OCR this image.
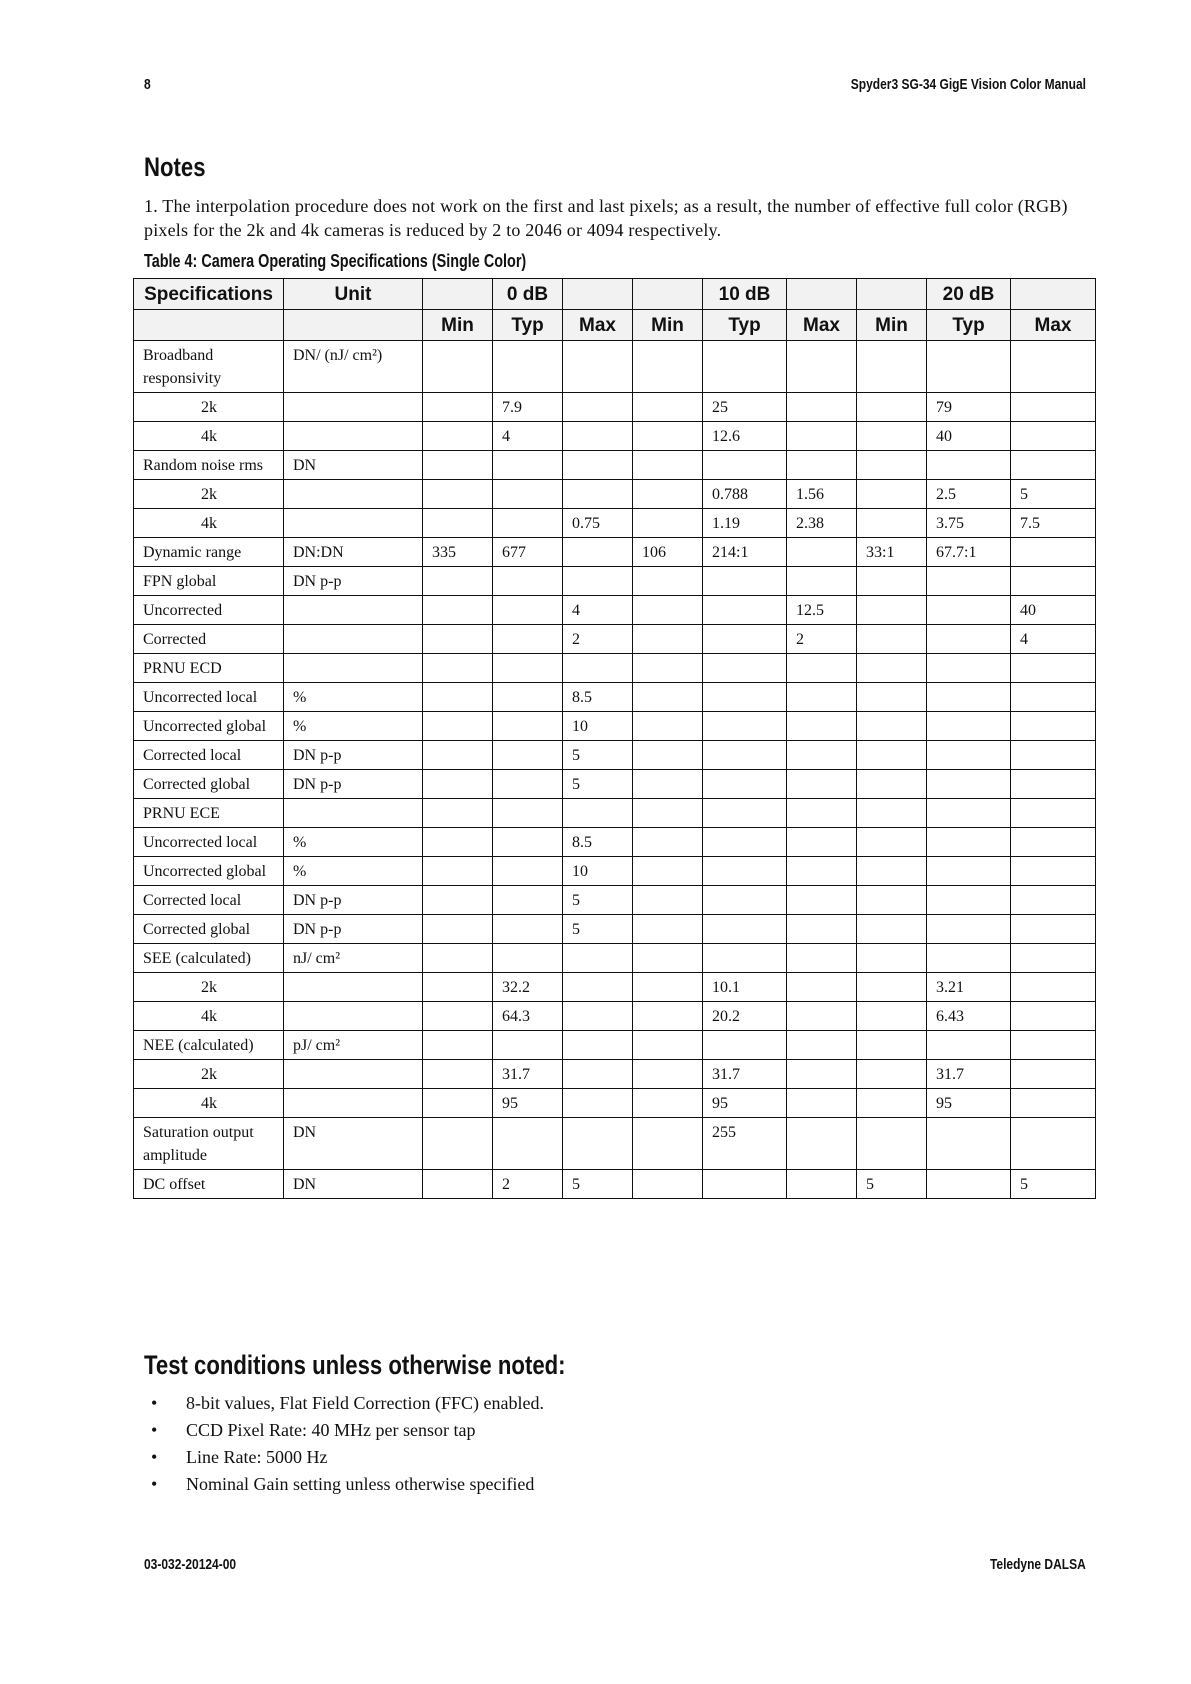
8	Spyder3 SG-34 GigE Vision Color Manual
Notes
1. The interpolation procedure does not work on the first and last pixels; as a result, the number of effective full color (RGB) pixels for the 2k and 4k cameras is reduced by 2 to 2046 or 4094 respectively.
Table 4: Camera Operating Specifications (Single Color)
Specifications	Unit		0 dB			10 dB			20 dB	
		Min	Typ	Max	Min	Typ	Max	Min	Typ	Max
Broadband responsivity	DN/ (nJ/ cm²)									
2k			7.9			25			79	
4k			4			12.6			40	
Random noise rms	DN									
2k						0.788	1.56		2.5	5
4k				0.75		1.19	2.38		3.75	7.5
Dynamic range	DN:DN	335	677		106	214:1		33:1	67.7:1	
FPN global	DN p-p									
Uncorrected				4			12.5			40
Corrected				2			2			4
PRNU ECD										
Uncorrected local	%			8.5						
Uncorrected global	%			10						
Corrected local	DN p-p			5						
Corrected global	DN p-p			5						
PRNU ECE										
Uncorrected local	%			8.5						
Uncorrected global	%			10						
Corrected local	DN p-p			5						
Corrected global	DN p-p			5						
SEE (calculated)	nJ/ cm²									
2k			32.2			10.1			3.21	
4k			64.3			20.2			6.43	
NEE (calculated)	pJ/ cm²									
2k			31.7			31.7			31.7	
4k			95			95			95	
Saturation output amplitude	DN					255				
DC offset	DN		2	5				5		5
Test conditions unless otherwise noted:
• 8-bit values, Flat Field Correction (FFC) enabled.
• CCD Pixel Rate: 40 MHz per sensor tap
• Line Rate: 5000 Hz
• Nominal Gain setting unless otherwise specified
03-032-20124-00	Teledyne DALSA
